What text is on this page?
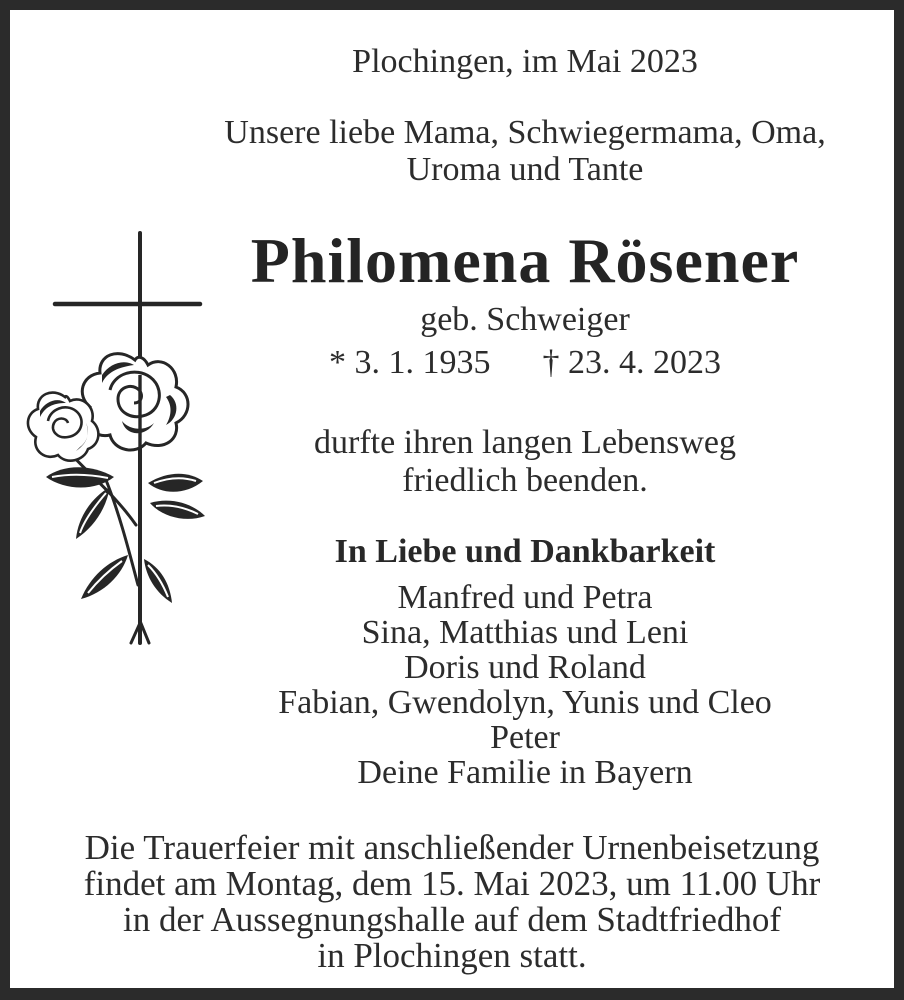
Plochingen, im Mai 2023
Unsere liebe Mama, Schwiegermama, Oma,
Uroma und Tante
Philomena Rösener
geb. Schweiger
* 3. 1. 1935 † 23. 4. 2023
durfte ihren langen Lebensweg
friedlich beenden.
In Liebe und Dankbarkeit
Manfred und Petra
Sina, Matthias und Leni
Doris und Roland
Fabian, Gwendolyn, Yunis und Cleo
Peter
Deine Familie in Bayern
Die Trauerfeier mit anschließender Urnenbeisetzung
findet am Montag, dem 15. Mai 2023, um 11.00 Uhr
in der Aussegnungshalle auf dem Stadtfriedhof
in Plochingen statt.
